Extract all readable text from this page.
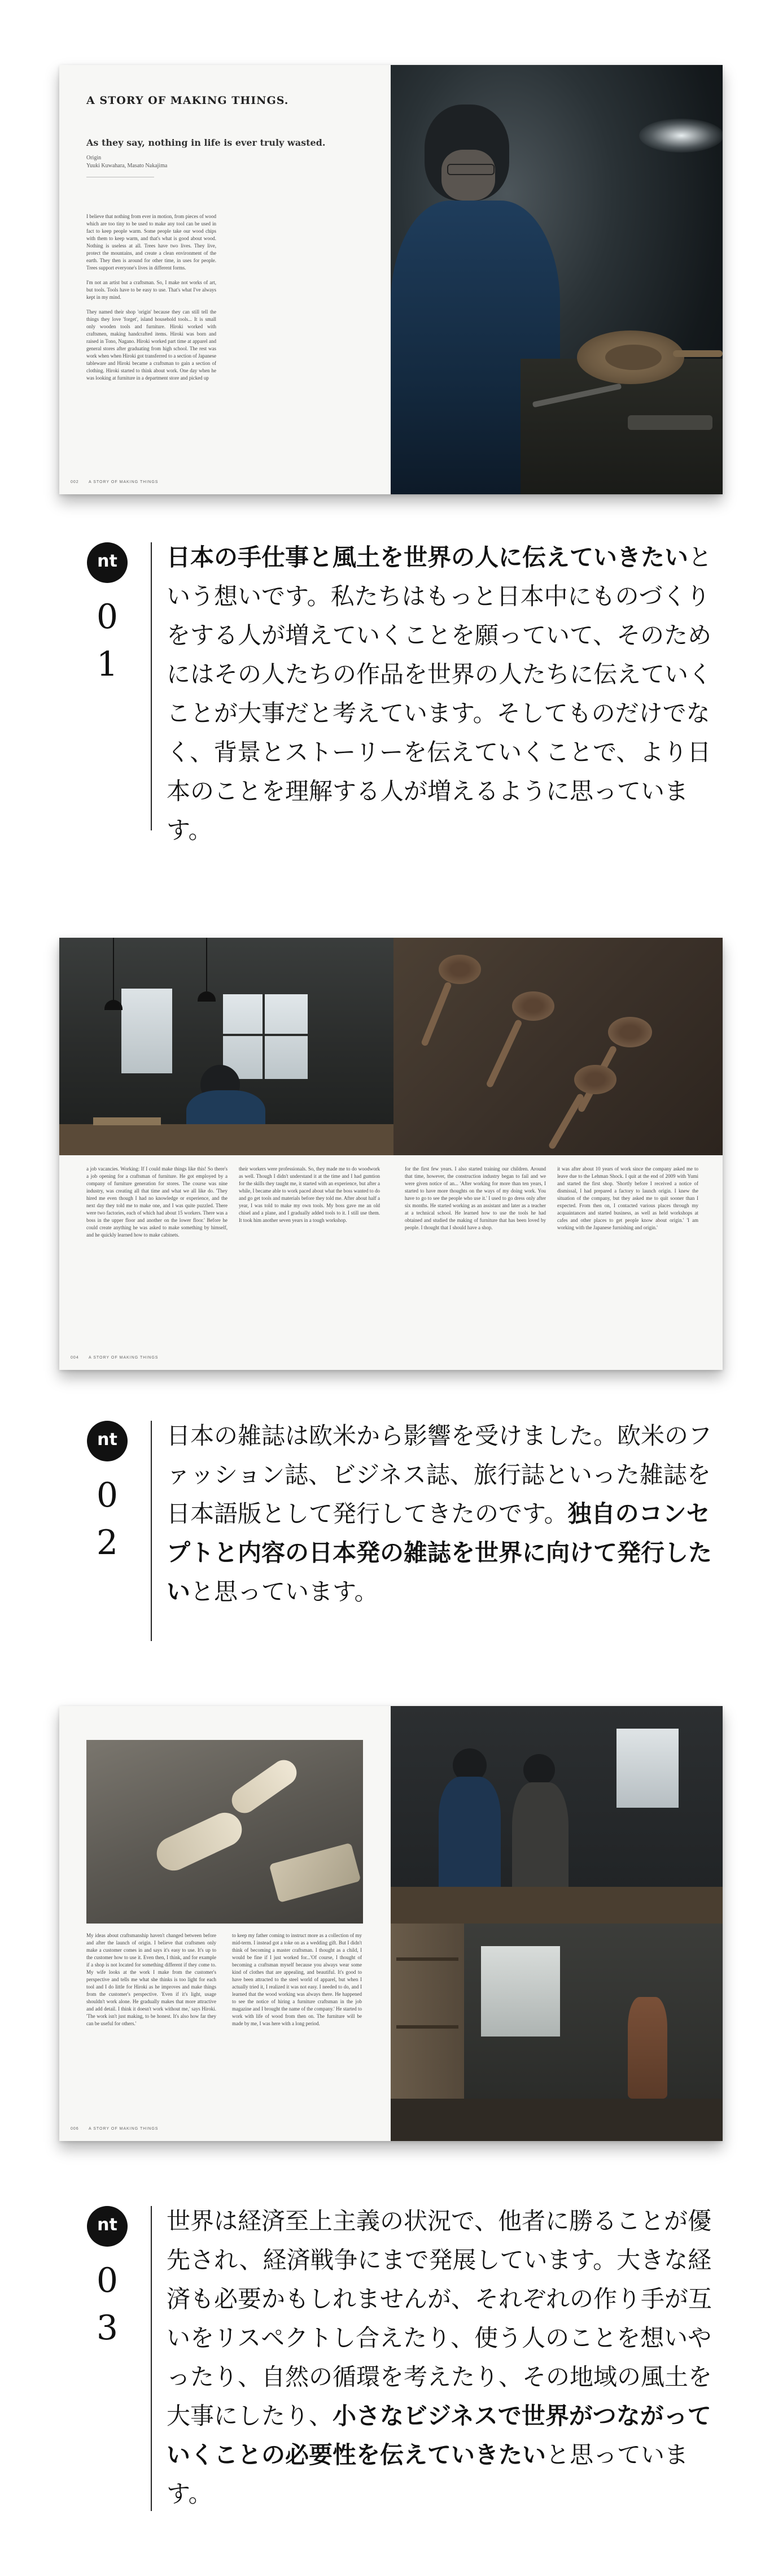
A STORY OF MAKING THINGS.
As they say, nothing in life is ever truly wasted.
Origin
Yuuki Kuwahara, Masato Nakajima

I believe that nothing from ever in motion, from pieces of wood which are too tiny to be used to make any tool can be used in fact to keep people warm. Some people take our wood chips with them to keep warm, and that's what is good about wood. Nothing is useless at all. Trees have two lives. They live, protect the mountains, and create a clean environment of the earth. They then is around for other time, in uses for people. Trees support everyone's lives in different forms.

I'm not an artist but a craftsman. So, I make not works of art, but tools. Tools have to be easy to use. That's what I've always kept in my mind.

They named their shop 'origin' because they can still tell the things they love 'forget', island household tools... It is small only wooden tools and furniture. Hiroki worked with craftsmen, making handcrafted items. Hiroki was born and raised in Tono, Nagano. Hiroki worked part time at apparel and general stores after graduating from high school. The rest was work when when Hiroki got transferred to a section of Japanese tableware and Hiroki became a craftsman to gain a section of clothing. Hiroki started to think about work. One day when he was looking at furniture in a department store and picked up

002 A STORY OF MAKING THINGS
nt
0
1

日本の手仕事と風土を世界の人に伝えていきたいという想いです。私たちはもっと日本中にものづくりをする人が増えていくことを願っていて、そのためにはその人たちの作品を世界の人たちに伝えていくことが大事だと考えています。そしてものだけでなく、背景とストーリーを伝えていくことで、より日本のことを理解する人が増えるように思っています。

a job vacancies. Working: If I could make things like this! So there's a job opening for a craftsman of furniture. He got employed by a company of furniture generation for stores. The course was nine industry, was creating all that time and what we all like do. 'They hired me even though I had no knowledge or experience, and the next day they told me to make one, and I was quite puzzled. There were two factories, each of which had about 15 workers. There was a boss in the upper floor and another on the lower floor.' Before he could create anything he was asked to make something by himself, and he quickly learned how to make cabinets.
their workers were professionals. So, they made me to do woodwork as well. Though I didn't understand it at the time and I had gumtion for the skills they taught me, it started with an experience, but after a while, I became able to work paced about what the boss wanted to do and go get tools and materials before they told me. After about half a year, I was told to make my own tools. My boss gave me an old chisel and a plane, and I gradually added tools to it. I still use them. It took him another seven years in a tough workshop.
for the first few years. I also started training our children. Around that time, however, the construction industry began to fail and we were given notice of an... 'After working for more than ten years, I started to have more thoughts on the ways of my doing work. You have to go to see the people who use it.' I used to go dress only after six months. He started working as an assistant and later as a teacher at a technical school. He learned how to use the tools he had obtained and studied the making of furniture that has been loved by people. I thought that I should have a shop.
it was after about 10 years of work since the company asked me to leave due to the Lehman Shock. I quit at the end of 2009 with Yumi and started the first shop. 'Shortly before I received a notice of dismissal, I had prepared a factory to launch origin. I knew the situation of the company, but they asked me to quit sooner than I expected. From then on, I contacted various places through my acquaintances and started business, as well as held workshops at cafes and other places to get people know about origin.' 'I am working with the Japanese furnishing and origin.'
004 A STORY OF MAKING THINGS
nt
0
2

日本の雑誌は欧米から影響を受けました。欧米のファッション誌、ビジネス誌、旅行誌といった雑誌を日本語版として発行してきたのです。独自のコンセプトと内容の日本発の雑誌を世界に向けて発行したいと思っています。

My ideas about craftsmanship haven't changed between before and after the launch of origin. I believe that craftsmen only make a customer comes in and says it's easy to use. It's up to the customer how to use it. Even then, I think, and for example if a shop is not located for something different if they come to. My wife looks at the work I make from the customer's perspective and tells me what she thinks is too light for each tool and I do little for Hiroki as he improves and make things from the customer's perspective. 'Even if it's light, usage shouldn't work alone. He gradually makes that more attractive and add detail. I think it doesn't work without me,' says Hiroki. 'The work isn't just making, to be honest. It's also how far they can be useful for others.'
to keep my father coming to instruct more as a collection of my mid-term. I instead got a toke on as a wedding gift. But I didn't think of becoming a master craftsman. I thought as a child, I would be fine if I just worked for...'Of course, I thought of becoming a craftsman myself because you always wear some kind of clothes that are appealing, and beautiful. It's good to have been attracted to the steel world of apparel, but when I actually tried it, I realized it was not easy. I needed to do, and I learned that the wood working was always there. He happened to see the notice of hiring a furniture craftsman in the job magazine and I brought the name of the company.' He started to work with life of wood from then on. The furniture will be made by me, I was here with a long period.
006 A STORY OF MAKING THINGS
nt
0
3

世界は経済至上主義の状況で、他者に勝ることが優先され、経済戦争にまで発展しています。大きな経済も必要かもしれませんが、それぞれの作り手が互いをリスペクトし合えたり、使う人のことを想いやったり、自然の循環を考えたり、その地域の風土を大事にしたり、小さなビジネスで世界がつながっていくことの必要性を伝えていきたいと思っています。
